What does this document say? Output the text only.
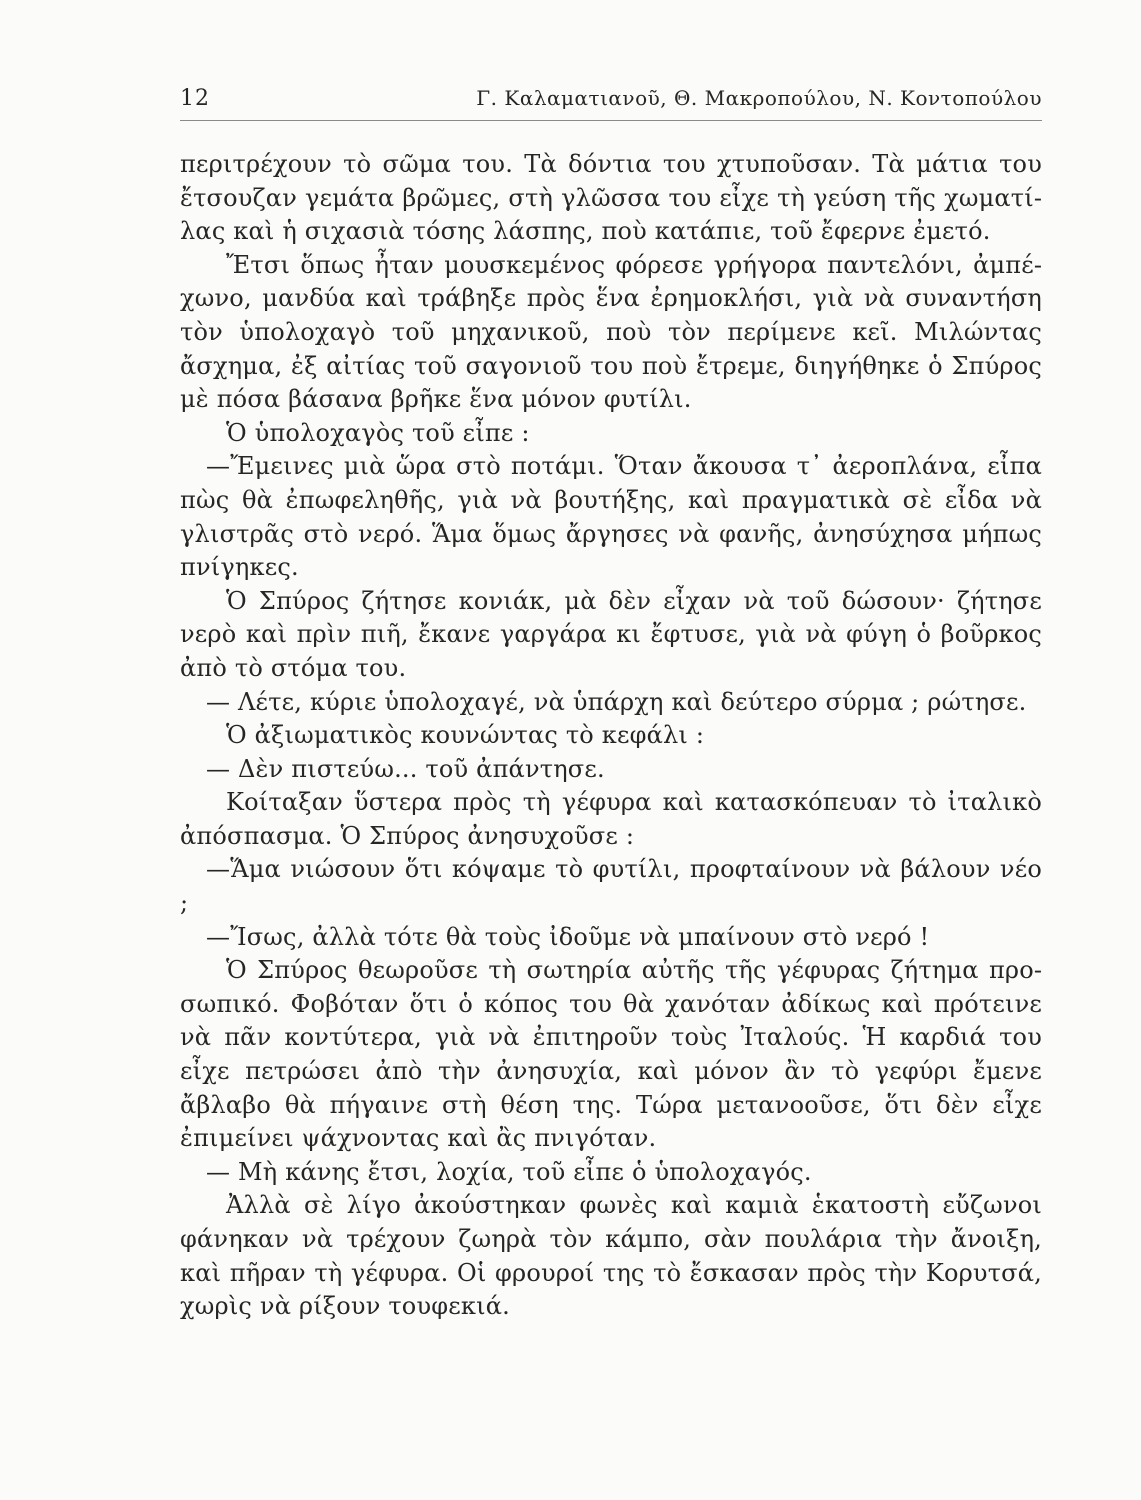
12	Γ. Καλαματιανοῦ, Θ. Μακροπούλου, Ν. Κοντοπούλου

περιτρέχουν τὸ σῶμα του. Τὰ δόντια του χτυποῦσαν. Τὰ μάτια του ἔτσουζαν γεμάτα βρῶμες, στὴ γλῶσσα του εἶχε τὴ γεύση τῆς χωματίλας καὶ ἡ σιχασιὰ τόσης λάσπης, ποὺ κατάπιε, τοῦ ἔφερνε ἐμετό.

Ἔτσι ὅπως ἦταν μουσκεμένος φόρεσε γρήγορα παντελόνι, ἀμπέχωνο, μανδύα καὶ τράβηξε πρὸς ἕνα ἐρημοκλήσι, γιὰ νὰ συναντήση τὸν ὑπολοχαγὸ τοῦ μηχανικοῦ, ποὺ τὸν περίμενε κεῖ. Μιλώντας ἄσχημα, ἐξ αἰτίας τοῦ σαγονιοῦ του ποὺ ἔτρεμε, διηγήθηκε ὁ Σπύρος μὲ πόσα βάσανα βρῆκε ἕνα μόνον φυτίλι.

Ὁ ὑπολοχαγὸς τοῦ εἶπε :

—Ἔμεινες μιὰ ὥρα στὸ ποτάμι. Ὅταν ἄκουσα τ᾿ ἀεροπλάνα, εἶπα πὼς θὰ ἐπωφεληθῆς, γιὰ νὰ βουτήξης, καὶ πραγματικὰ σὲ εἶδα νὰ γλιστρᾶς στὸ νερό. Ἅμα ὅμως ἄργησες νὰ φανῆς, ἀνησύχησα μήπως πνίγηκες.

Ὁ Σπύρος ζήτησε κονιάκ, μὰ δὲν εἶχαν νὰ τοῦ δώσουν· ζήτησε νερὸ καὶ πρὶν πιῆ, ἔκανε γαργάρα κι ἔφτυσε, γιὰ νὰ φύγη ὁ βοῦρκος ἀπὸ τὸ στόμα του.

— Λέτε, κύριε ὑπολοχαγέ, νὰ ὑπάρχη καὶ δεύτερο σύρμα ; ρώτησε.

Ὁ ἀξιωματικὸς κουνώντας τὸ κεφάλι :

— Δὲν πιστεύω... τοῦ ἀπάντησε.

Κοίταξαν ὕστερα πρὸς τὴ γέφυρα καὶ κατασκόπευαν τὸ ἰταλικὸ ἀπόσπασμα. Ὁ Σπύρος ἀνησυχοῦσε :

—Ἅμα νιώσουν ὅτι κόψαμε τὸ φυτίλι, προφταίνουν νὰ βάλουν νέο ;

—Ἴσως, ἀλλὰ τότε θὰ τοὺς ἰδοῦμε νὰ μπαίνουν στὸ νερό !

Ὁ Σπύρος θεωροῦσε τὴ σωτηρία αὐτῆς τῆς γέφυρας ζήτημα προσωπικό. Φοβόταν ὅτι ὁ κόπος του θὰ χανόταν ἀδίκως καὶ πρότεινε νὰ πᾶν κοντύτερα, γιὰ νὰ ἐπιτηροῦν τοὺς Ἰταλούς. Ἡ καρδιά του εἶχε πετρώσει ἀπὸ τὴν ἀνησυχία, καὶ μόνον ἂν τὸ γεφύρι ἔμενε ἄβλαβο θὰ πήγαινε στὴ θέση της. Τώρα μετανοοῦσε, ὅτι δὲν εἶχε ἐπιμείνει ψάχνοντας καὶ ἂς πνιγόταν.

— Μὴ κάνης ἔτσι, λοχία, τοῦ εἶπε ὁ ὑπολοχαγός.

Ἀλλὰ σὲ λίγο ἀκούστηκαν φωνὲς καὶ καμιὰ ἑκατοστὴ εὔζωνοι φάνηκαν νὰ τρέχουν ζωηρὰ τὸν κάμπο, σὰν πουλάρια τὴν ἄνοιξη, καὶ πῆραν τὴ γέφυρα. Οἱ φρουροί της τὸ ἔσκασαν πρὸς τὴν Κορυτσά, χωρὶς νὰ ρίξουν τουφεκιά.
